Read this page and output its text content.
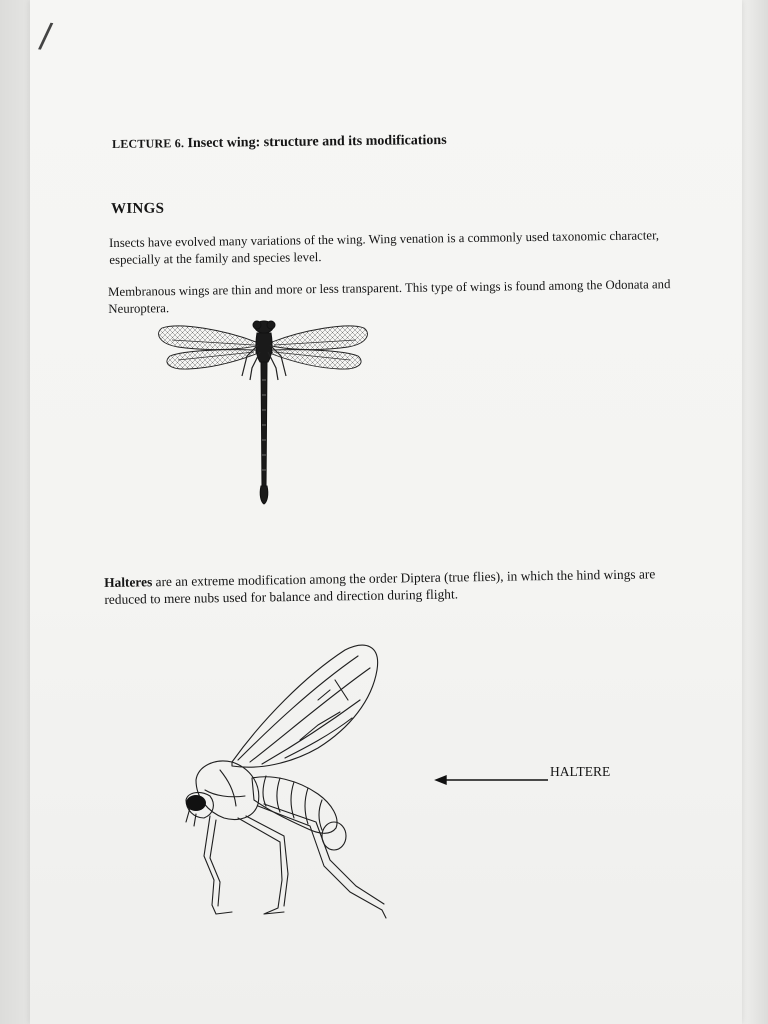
/
LECTURE 6. Insect wing: structure and its modifications
WINGS
Insects have evolved many variations of the wing. Wing venation is a commonly used taxonomic character, especially at the family and species level.
Membranous wings are thin and more or less transparent. This type of wings is found among the Odonata and Neuroptera.
Halteres are an extreme modification among the order Diptera (true flies), in which the hind wings are reduced to mere nubs used for balance and direction during flight.
HALTERE
